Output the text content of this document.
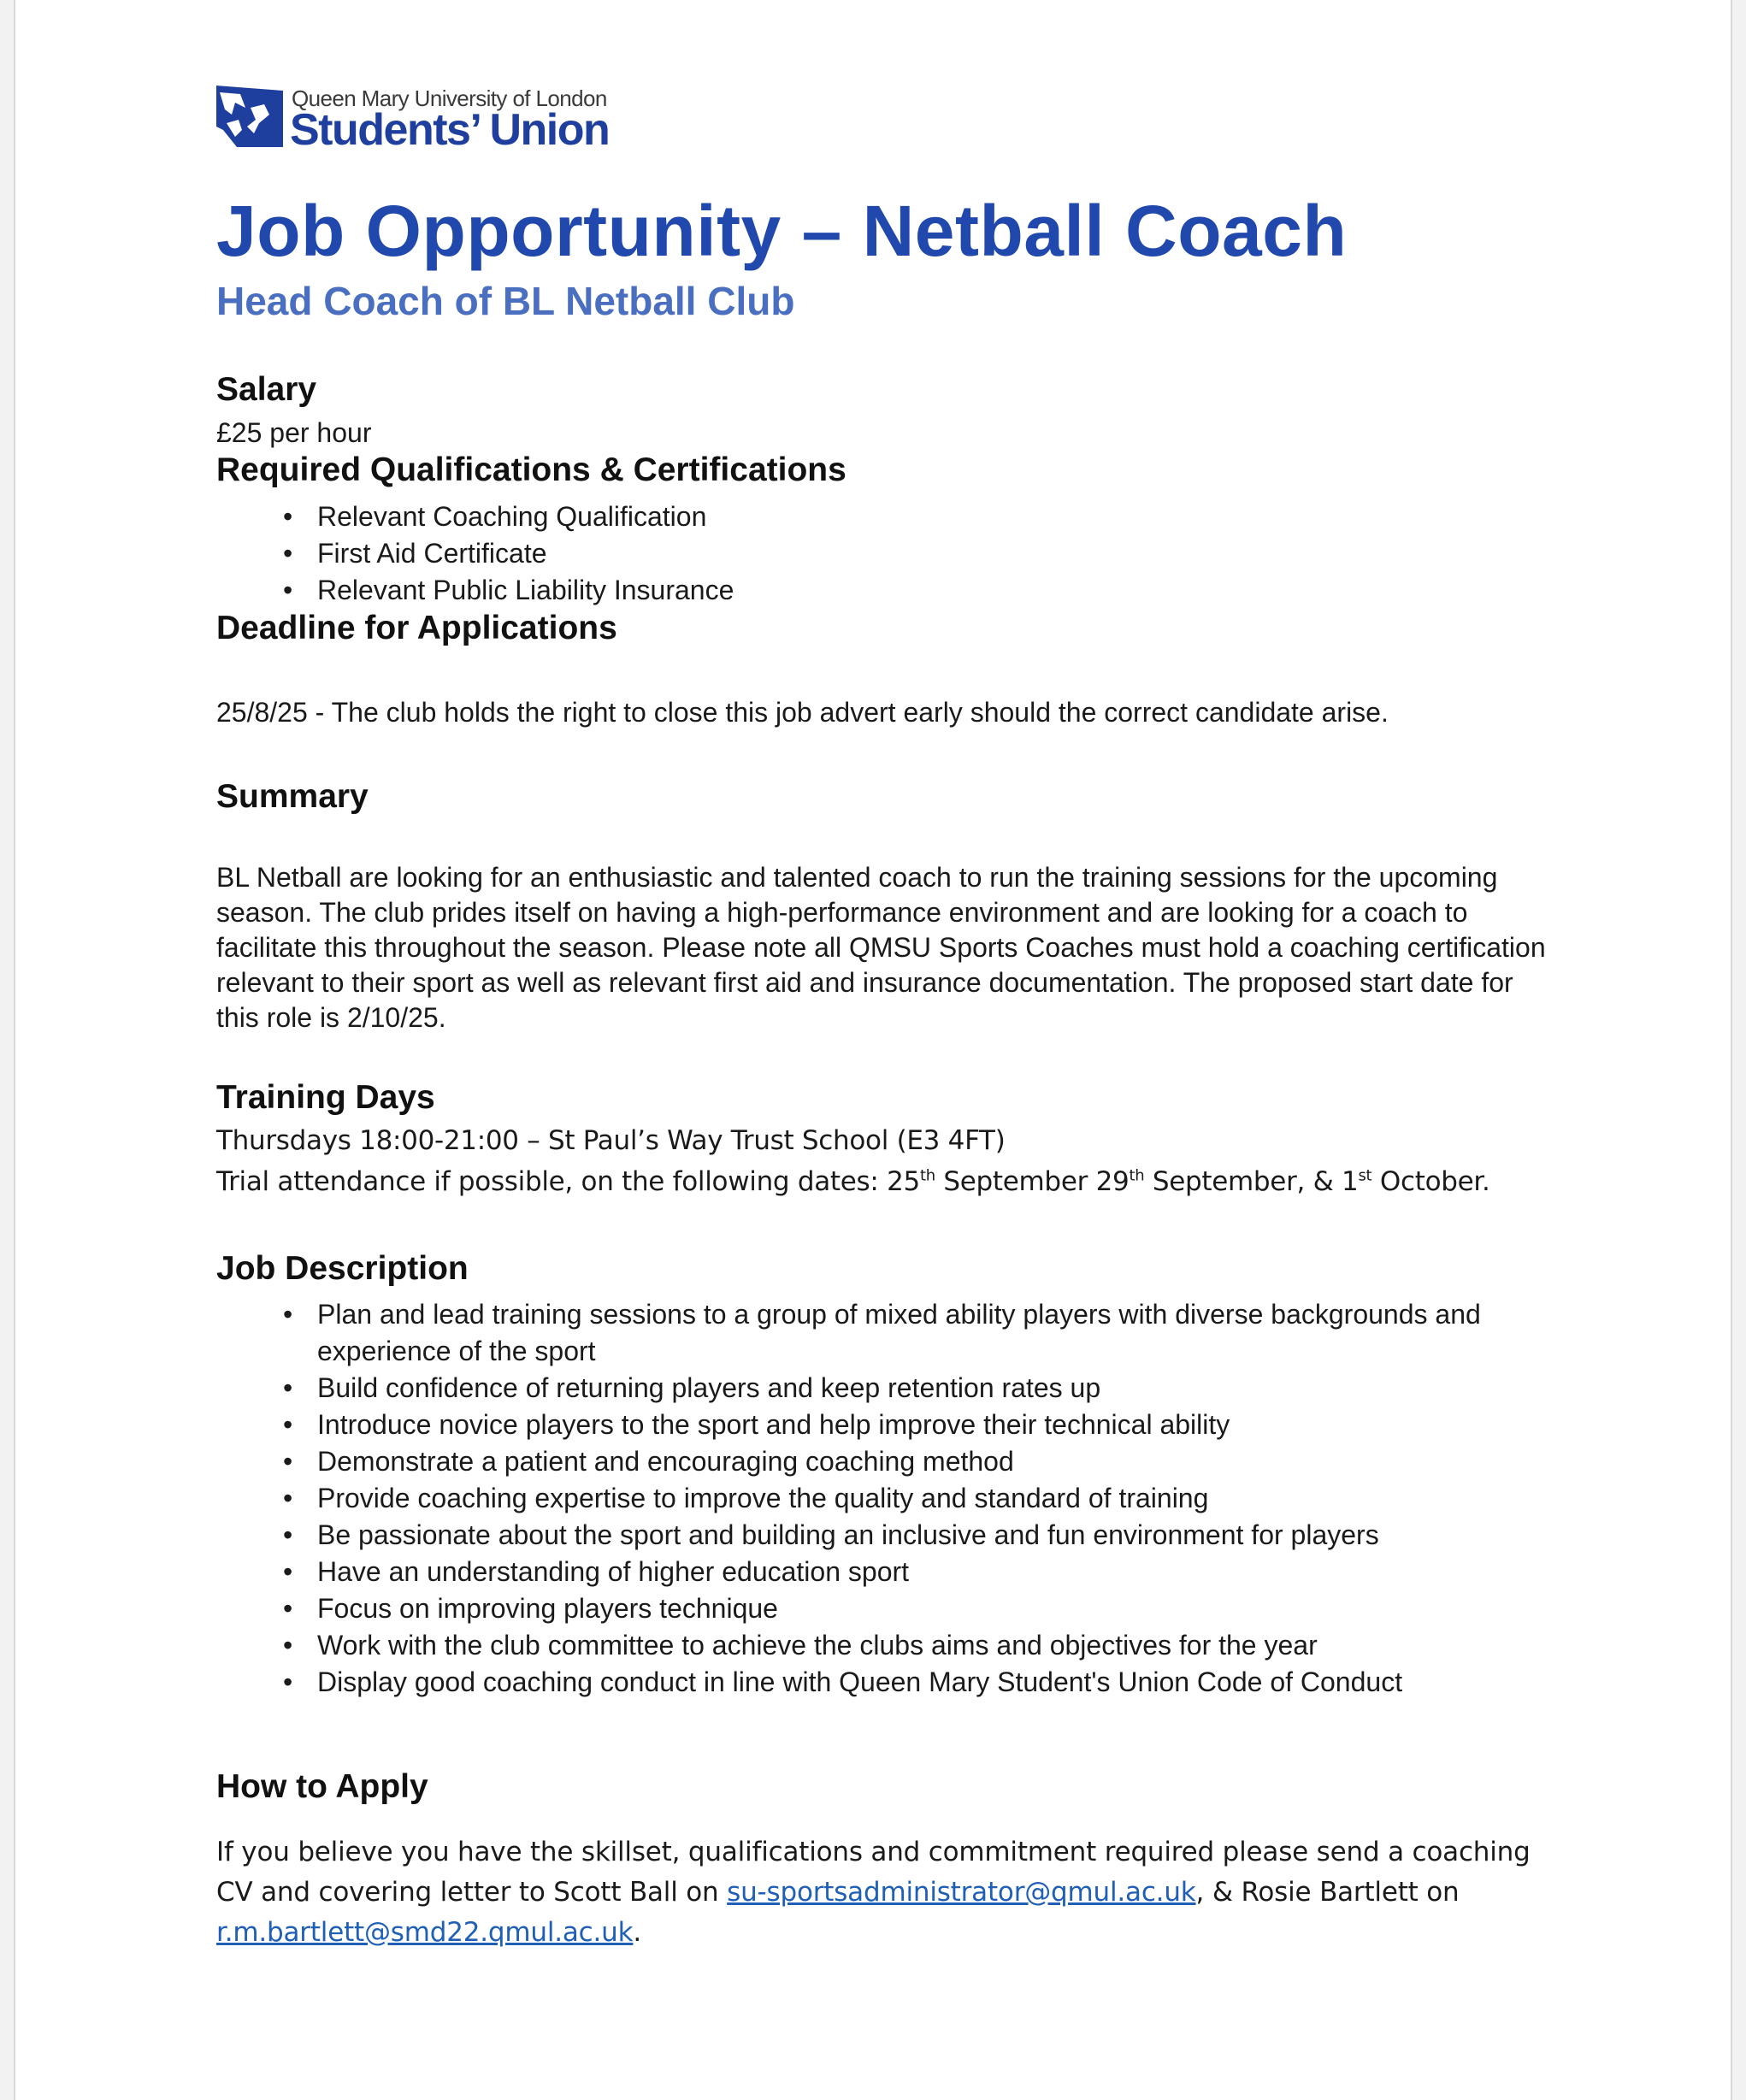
Queen Mary University of London
Students’ Union
Job Opportunity – Netball Coach
Head Coach of BL Netball Club
Salary
£25 per hour
Required Qualifications & Certifications
• Relevant Coaching Qualification
• First Aid Certificate
• Relevant Public Liability Insurance
Deadline for Applications
25/8/25 - The club holds the right to close this job advert early should the correct candidate arise.
Summary
BL Netball are looking for an enthusiastic and talented coach to run the training sessions for the upcoming season. The club prides itself on having a high-performance environment and are looking for a coach to facilitate this throughout the season. Please note all QMSU Sports Coaches must hold a coaching certification relevant to their sport as well as relevant first aid and insurance documentation. The proposed start date for this role is 2/10/25.
Training Days
Thursdays 18:00-21:00 – St Paul’s Way Trust School (E3 4FT)
Trial attendance if possible, on the following dates: 25th September 29th September, & 1st October.
Job Description
• Plan and lead training sessions to a group of mixed ability players with diverse backgrounds and experience of the sport
• Build confidence of returning players and keep retention rates up
• Introduce novice players to the sport and help improve their technical ability
• Demonstrate a patient and encouraging coaching method
• Provide coaching expertise to improve the quality and standard of training
• Be passionate about the sport and building an inclusive and fun environment for players
• Have an understanding of higher education sport
• Focus on improving players technique
• Work with the club committee to achieve the clubs aims and objectives for the year
• Display good coaching conduct in line with Queen Mary Student's Union Code of Conduct
How to Apply
If you believe you have the skillset, qualifications and commitment required please send a coaching CV and covering letter to Scott Ball on su-sportsadministrator@qmul.ac.uk, & Rosie Bartlett on r.m.bartlett@smd22.qmul.ac.uk.
